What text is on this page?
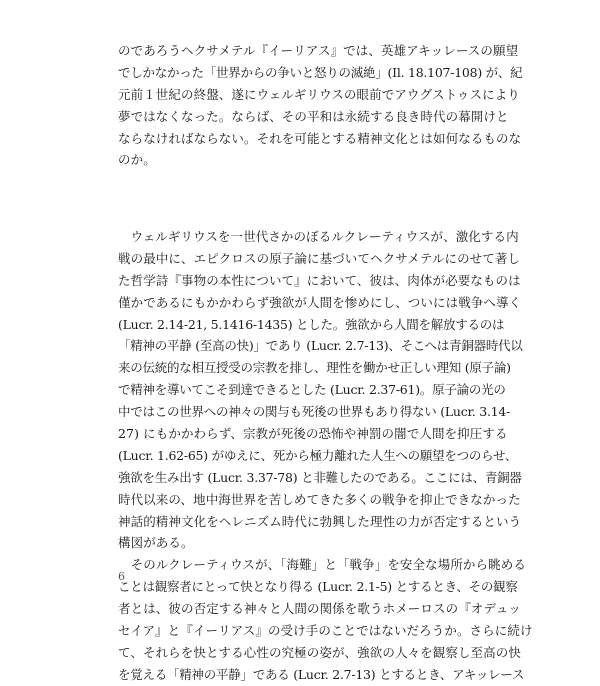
のであろうヘクサメテル『イーリアス』では、英雄アキッレースの願望
でしかなかった「世界からの争いと怒りの滅絶」(Il. 18.107-108) が、紀
元前１世紀の終盤、遂にウェルギリウスの眼前でアウグストゥスにより
夢ではなくなった。ならば、その平和は永続する良き時代の幕開けと
ならなければならない。それを可能とする精神文化とは如何なるものな
のか。
　ウェルギリウスを一世代さかのぼるルクレーティウスが、激化する内
戦の最中に、エピクロスの原子論に基づいてヘクサメテルにのせて著し
た哲学詩『事物の本性について』において、彼は、肉体が必要なものは
僅かであるにもかかわらず強欲が人間を惨めにし、ついには戦争へ導く
(Lucr. 2.14-21, 5.1416-1435) とした。強欲から人間を解放するのは
「精神の平静 (至高の快)」であり (Lucr. 2.7-13)、そこへは青銅器時代以
来の伝統的な相互授受の宗教を排し、理性を働かせ正しい理知 (原子論)
で精神を導いてこそ到達できるとした (Lucr. 2.37-61)。原子論の光の
中ではこの世界への神々の関与も死後の世界もあり得ない (Lucr. 3.14-
27) にもかかわらず、宗教が死後の恐怖や神罰の闇で人間を抑圧する
(Lucr. 1.62-65) がゆえに、死から極力離れた人生への願望をつのらせ、
強欲を生み出す (Lucr. 3.37-78) と非難したのである。ここには、青銅器
時代以来の、地中海世界を苦しめてきた多くの戦争を抑止できなかった
神話的精神文化をヘレニズム時代に勃興した理性の力が否定するという
構図がある。
　そのルクレーティウスが、「海難」と「戦争」を安全な場所から眺める
ことは観察者にとって快となり得る (Lucr. 2.1-5) とするとき、その観察
者とは、彼の否定する神々と人間の関係を歌うホメーロスの『オデュッ
セイア』と『イーリアス』の受け手のことではないだろうか。さらに続け
て、それらを快とする心性の究極の姿が、強欲の人々を観察し至高の快
を覚える「精神の平静」である (Lucr. 2.7-13) とするとき、アキッレース
6
